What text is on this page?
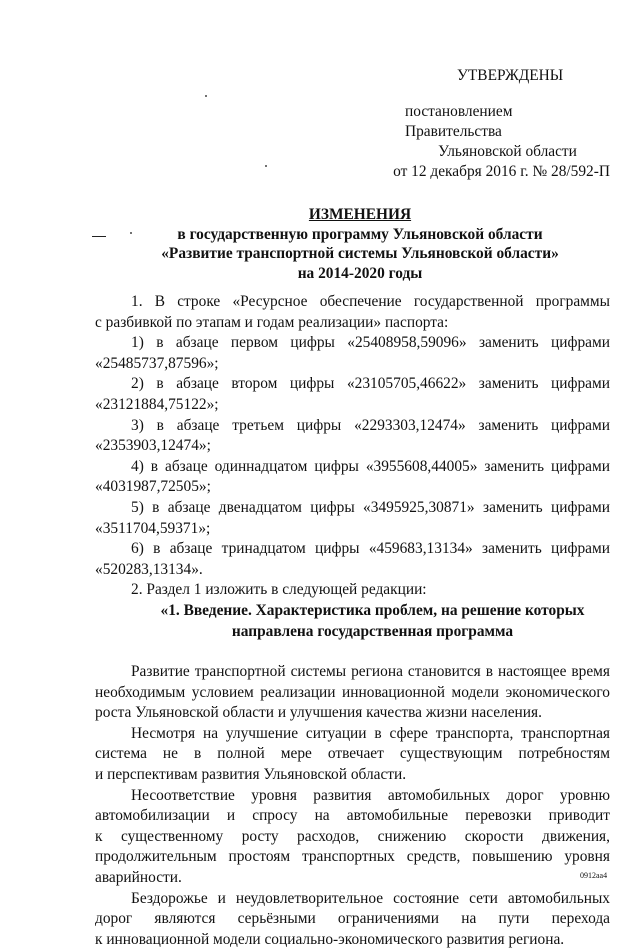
УТВЕРЖДЕНЫ
постановлением Правительства
Ульяновской области
от 12 декабря 2016 г. № 28/592-П
ИЗМЕНЕНИЯ
в государственную программу Ульяновской области
«Развитие транспортной системы Ульяновской области»
на 2014-2020 годы
1. В строке «Ресурсное обеспечение государственной программы
с разбивкой по этапам и годам реализации» паспорта:
1) в абзаце первом цифры «25408958,59096» заменить цифрами
«25485737,87596»;
2) в абзаце втором цифры «23105705,46622» заменить цифрами
«23121884,75122»;
3) в абзаце третьем цифры «2293303,12474» заменить цифрами
«2353903,12474»;
4) в абзаце одиннадцатом цифры «3955608,44005» заменить цифрами
«4031987,72505»;
5) в абзаце двенадцатом цифры «3495925,30871» заменить цифрами
«3511704,59371»;
6) в абзаце тринадцатом цифры «459683,13134» заменить цифрами
«520283,13134».
2. Раздел 1 изложить в следующей редакции:
«1. Введение. Характеристика проблем, на решение которых
направлена государственная программа
Развитие транспортной системы региона становится в настоящее время
необходимым условием реализации инновационной модели экономического
роста Ульяновской области и улучшения качества жизни населения.
Несмотря на улучшение ситуации в сфере транспорта, транспортная
система не в полной мере отвечает существующим потребностям
и перспективам развития Ульяновской области.
Несоответствие уровня развития автомобильных дорог уровню
автомобилизации и спросу на автомобильные перевозки приводит
к существенному росту расходов, снижению скорости движения,
продолжительным простоям транспортных средств, повышению уровня
аварийности.
Бездорожье и неудовлетворительное состояние сети автомобильных
дорог являются серьёзными ограничениями на пути перехода
к инновационной модели социально-экономического развития региона.
0912аа4
